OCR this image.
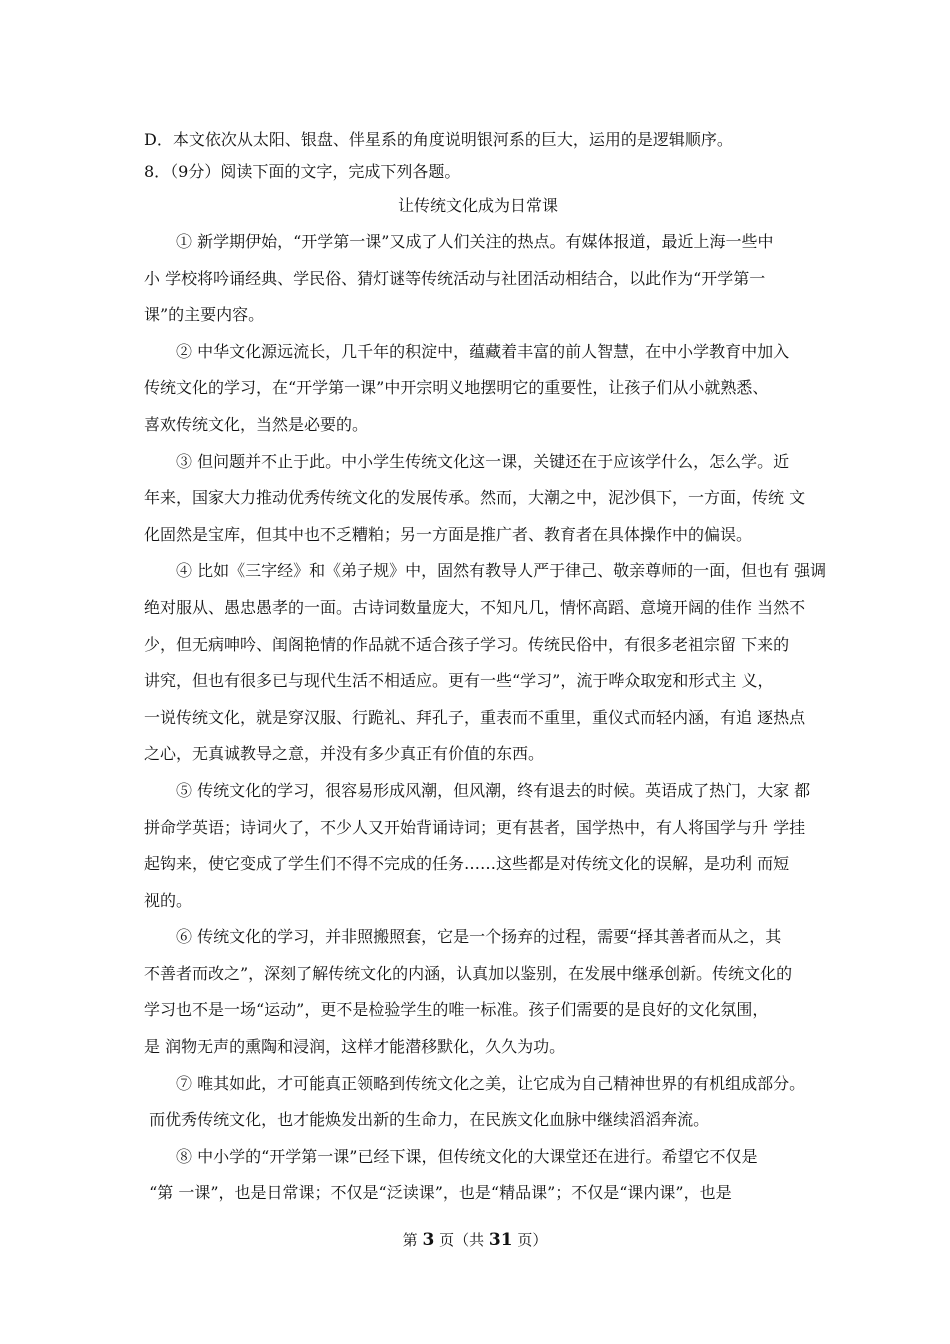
D．本文依次从太阳、银盘、伴星系的角度说明银河系的巨大，运用的是逻辑顺序。

8．（9分）阅读下面的文字，完成下列各题。

让传统文化成为日常课

① 新学期伊始，“开学第一课”又成了人们关注的热点。有媒体报道，最近上海一些中
小 学校将吟诵经典、学民俗、猜灯谜等传统活动与社团活动相结合，以此作为“开学第一
课”的主要内容。
② 中华文化源远流长，几千年的积淀中，蕴藏着丰富的前人智慧，在中小学教育中加入
传统文化的学习，在“开学第一课”中开宗明义地摆明它的重要性，让孩子们从小就熟悉、
喜欢传统文化，当然是必要的。
③ 但问题并不止于此。中小学生传统文化这一课，关键还在于应该学什么，怎么学。近
年来，国家大力推动优秀传统文化的发展传承。然而，大潮之中，泥沙俱下，一方面，传统 文
化固然是宝库，但其中也不乏糟粕；另一方面是推广者、教育者在具体操作中的偏误。
④ 比如《三字经》和《弟子规》中，固然有教导人严于律己、敬亲尊师的一面，但也有 强调
绝对服从、愚忠愚孝的一面。古诗词数量庞大，不知凡几，情怀高蹈、意境开阔的佳作 当然不
少，但无病呻吟、闺阁艳情的作品就不适合孩子学习。传统民俗中，有很多老祖宗留 下来的
讲究，但也有很多已与现代生活不相适应。更有一些“学习”，流于哗众取宠和形式主 义，
一说传统文化，就是穿汉服、行跪礼、拜孔子，重表而不重里，重仪式而轻内涵，有追 逐热点
之心，无真诚教导之意，并没有多少真正有价值的东西。
⑤ 传统文化的学习，很容易形成风潮，但风潮，终有退去的时候。英语成了热门，大家 都
拼命学英语；诗词火了，不少人又开始背诵诗词；更有甚者，国学热中，有人将国学与升 学挂
起钩来，使它变成了学生们不得不完成的任务……这些都是对传统文化的误解，是功利 而短
视的。
⑥ 传统文化的学习，并非照搬照套，它是一个扬弃的过程，需要“择其善者而从之，其
不善者而改之”，深刻了解传统文化的内涵，认真加以鉴别，在发展中继承创新。传统文化的
学习也不是一场“运动”，更不是检验学生的唯一标准。孩子们需要的是良好的文化氛围，
是 润物无声的熏陶和浸润，这样才能潜移默化，久久为功。
⑦ 唯其如此，才可能真正领略到传统文化之美，让它成为自己精神世界的有机组成部分。
而优秀传统文化，也才能焕发出新的生命力，在民族文化血脉中继续滔滔奔流。
⑧ 中小学的“开学第一课”已经下课，但传统文化的大课堂还在进行。希望它不仅是
“第 一课”，也是日常课；不仅是“泛读课”，也是“精品课”；不仅是“课内课”，也是
第 3 页（共 31 页）
